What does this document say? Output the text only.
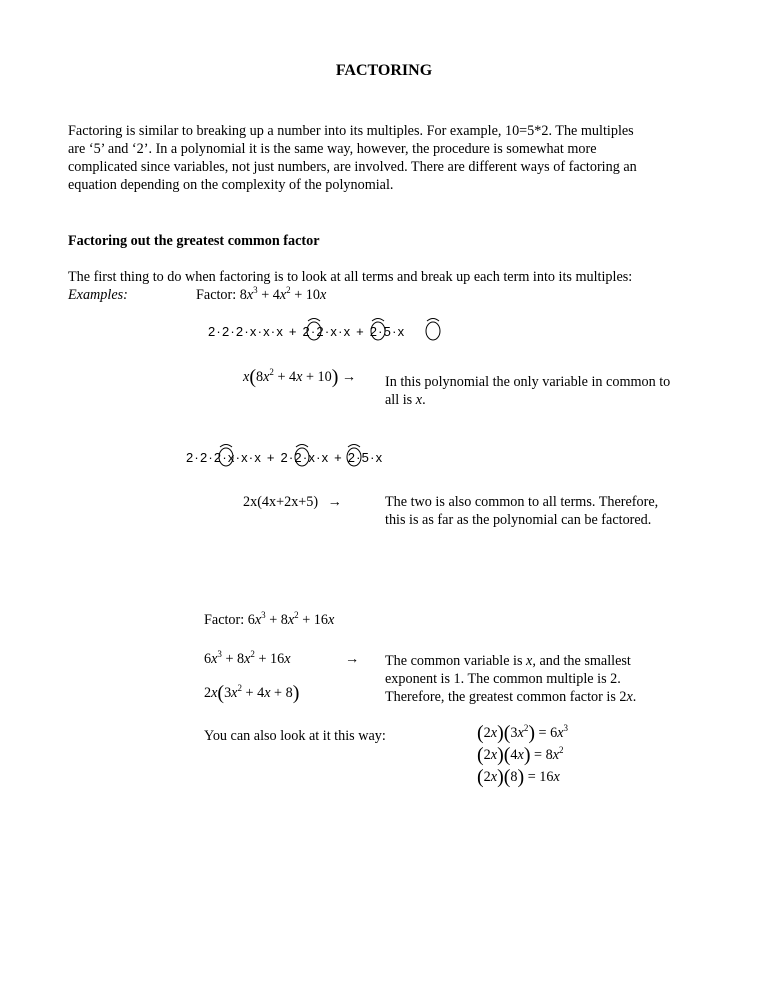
FACTORING
Factoring is similar to breaking up a number into its multiples. For example, 10=5*2. The multiples
are ‘5’ and ‘2’. In a polynomial it is the same way, however, the procedure is somewhat more
complicated since variables, not just numbers, are involved. There are different ways of factoring an
equation depending on the complexity of the polynomial.
Factoring out the greatest common factor
The first thing to do when factoring is to look at all terms and break up each term into its multiples:
Examples:	Factor: $8x^3 + 4x^2 + 10x$
2·2·2·x·x·x + 2·2·x·x + 2·5·x
$x(8x^2 + 4x + 10) \to In$ this polynomial the only variable in common to
all is x.
2·2·2·x·x·x + 2·2·x·x + 2·5·x
2x(4x+2x+5) →	The two is also common to all terms. Therefore,
this is as far as the polynomial can be factored.
Factor: $6x^3 + 8x^2 + 16x$
$6x^3 + 8x^2 + 16x$	→
$2x(3x^2 + 4x + 8)$
The common variable is x, and the smallest
exponent is 1. The common multiple is 2.
Therefore, the greatest common factor is 2x.
You can also look at it this way:	$(2x)(3x^2) = 6x^3$
$(2x)(4x) = 8x^2$
(2x)(8) = 16x
